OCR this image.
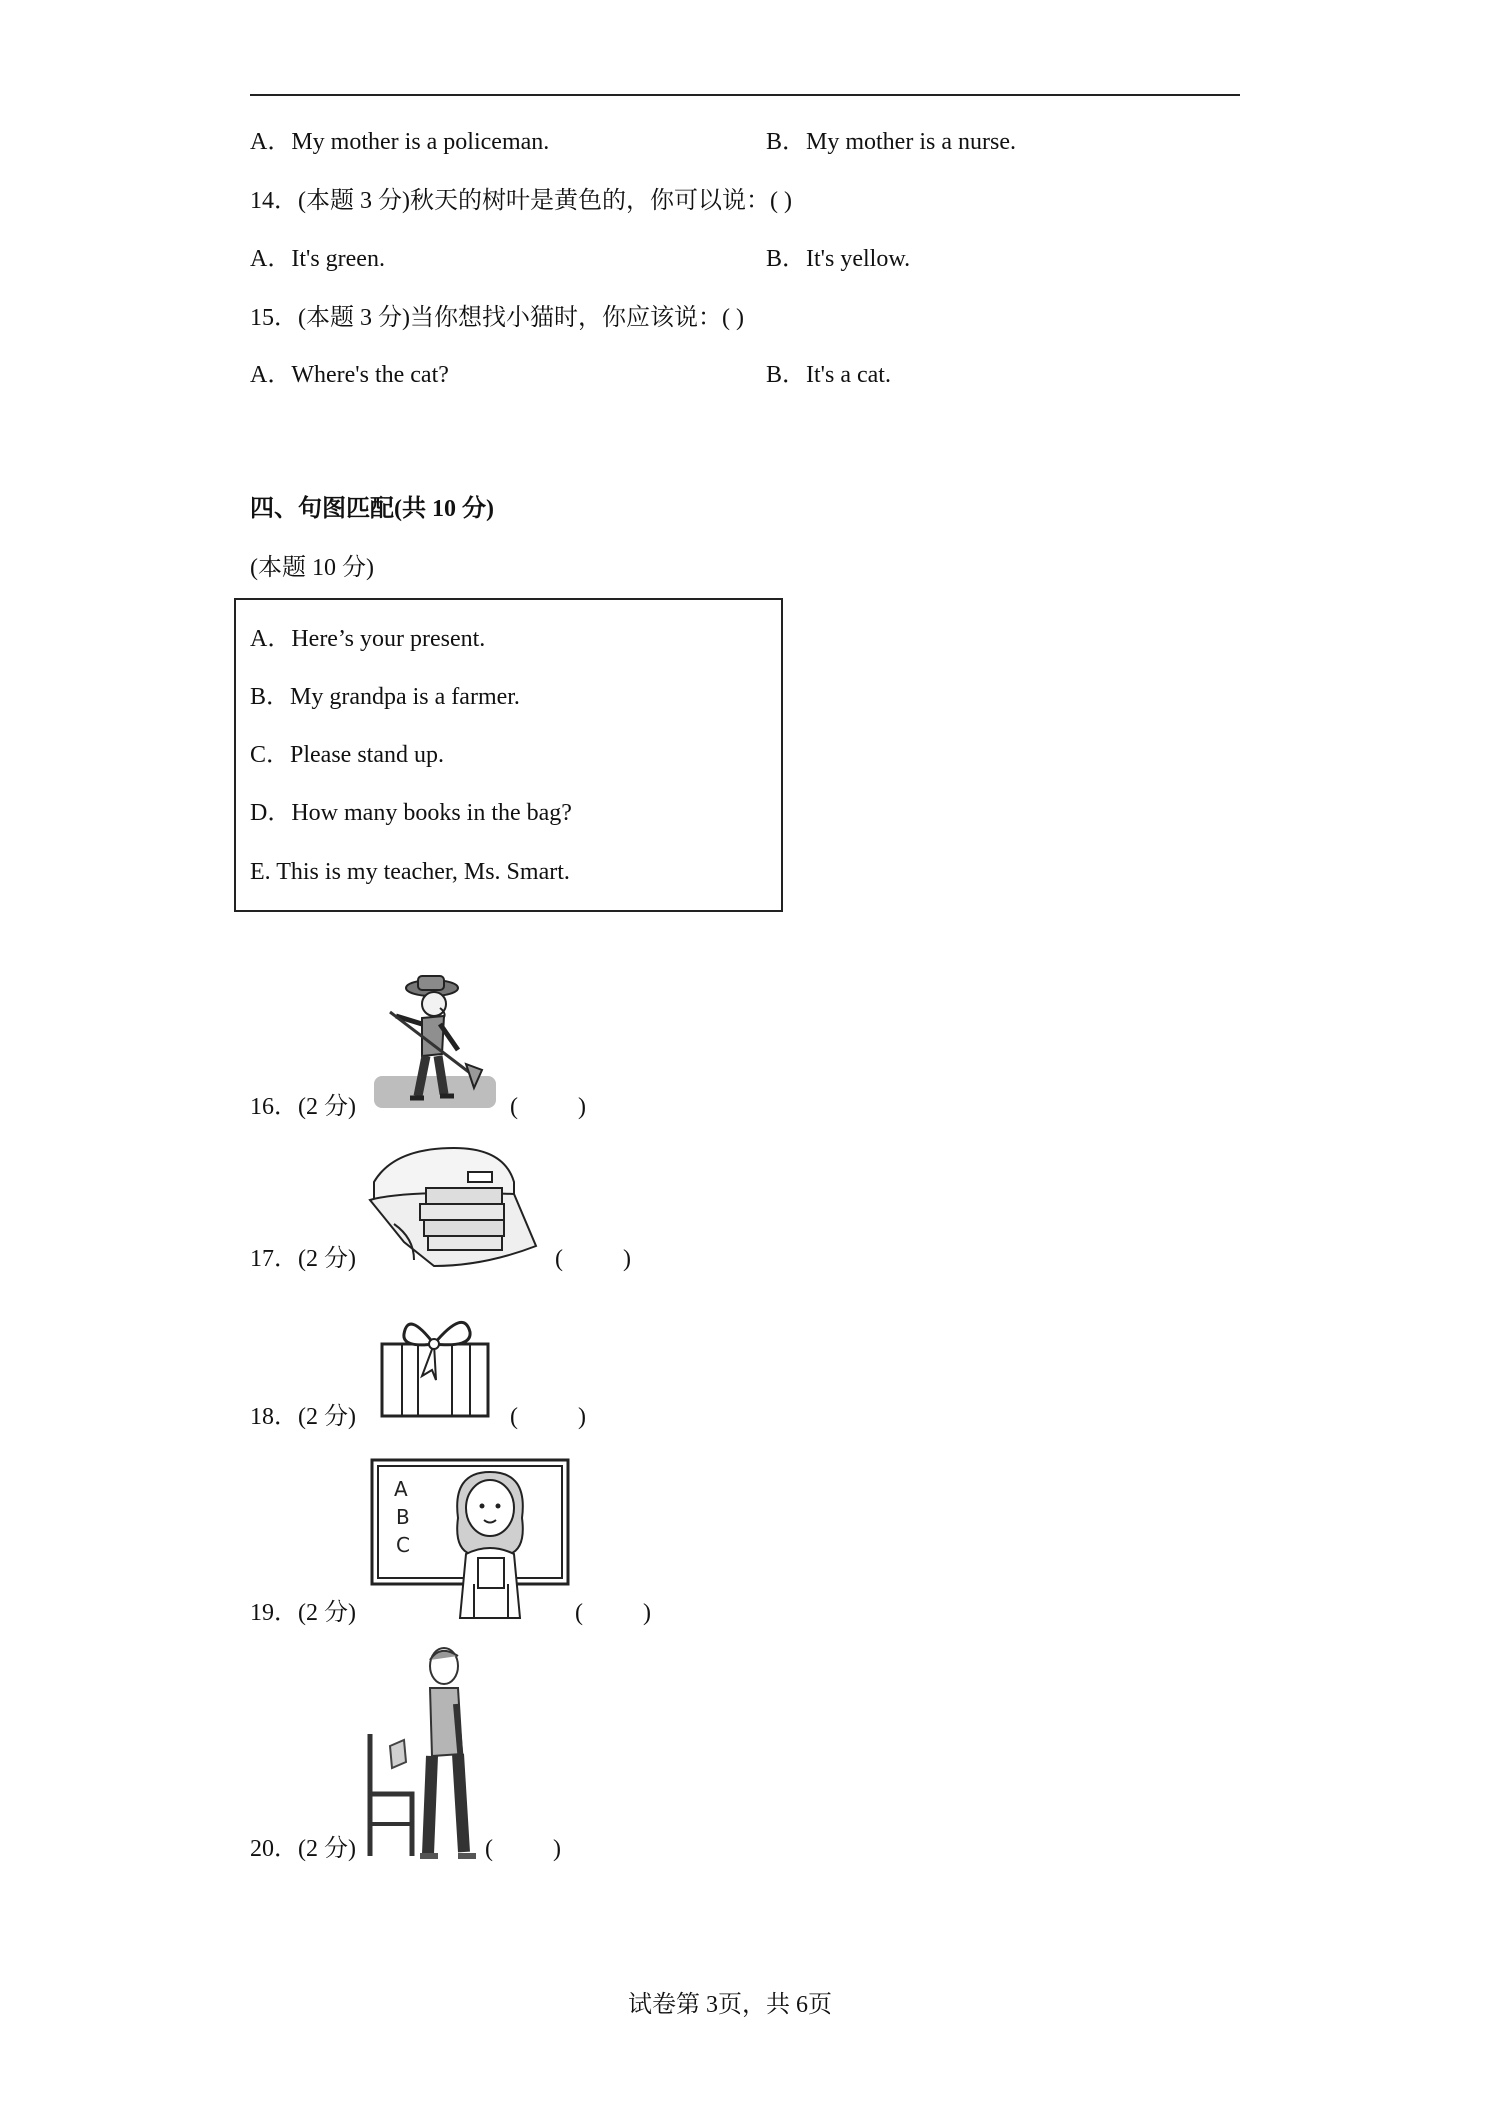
A．My mother is a policeman.	B．My mother is a nurse.
14．(本题 3 分)秋天的树叶是黄色的，你可以说：( )
A．It's green.	B．It's yellow.
15．(本题 3 分)当你想找小猫时，你应该说：( )
A．Where's the cat?	B．It's a cat.
四、句图匹配(共 10 分)
(本题 10 分)
A．Here’s your present.
B．My grandpa is a farmer.
C．Please stand up.
D．How many books in the bag?
E. This is my teacher, Ms. Smart.
16．(2 分)	(          )
17．(2 分)	(          )
18．(2 分)	(          )
A
B
C
19．(2 分)	(          )
20．(2 分)	(          )
试卷第 3页，共 6页
